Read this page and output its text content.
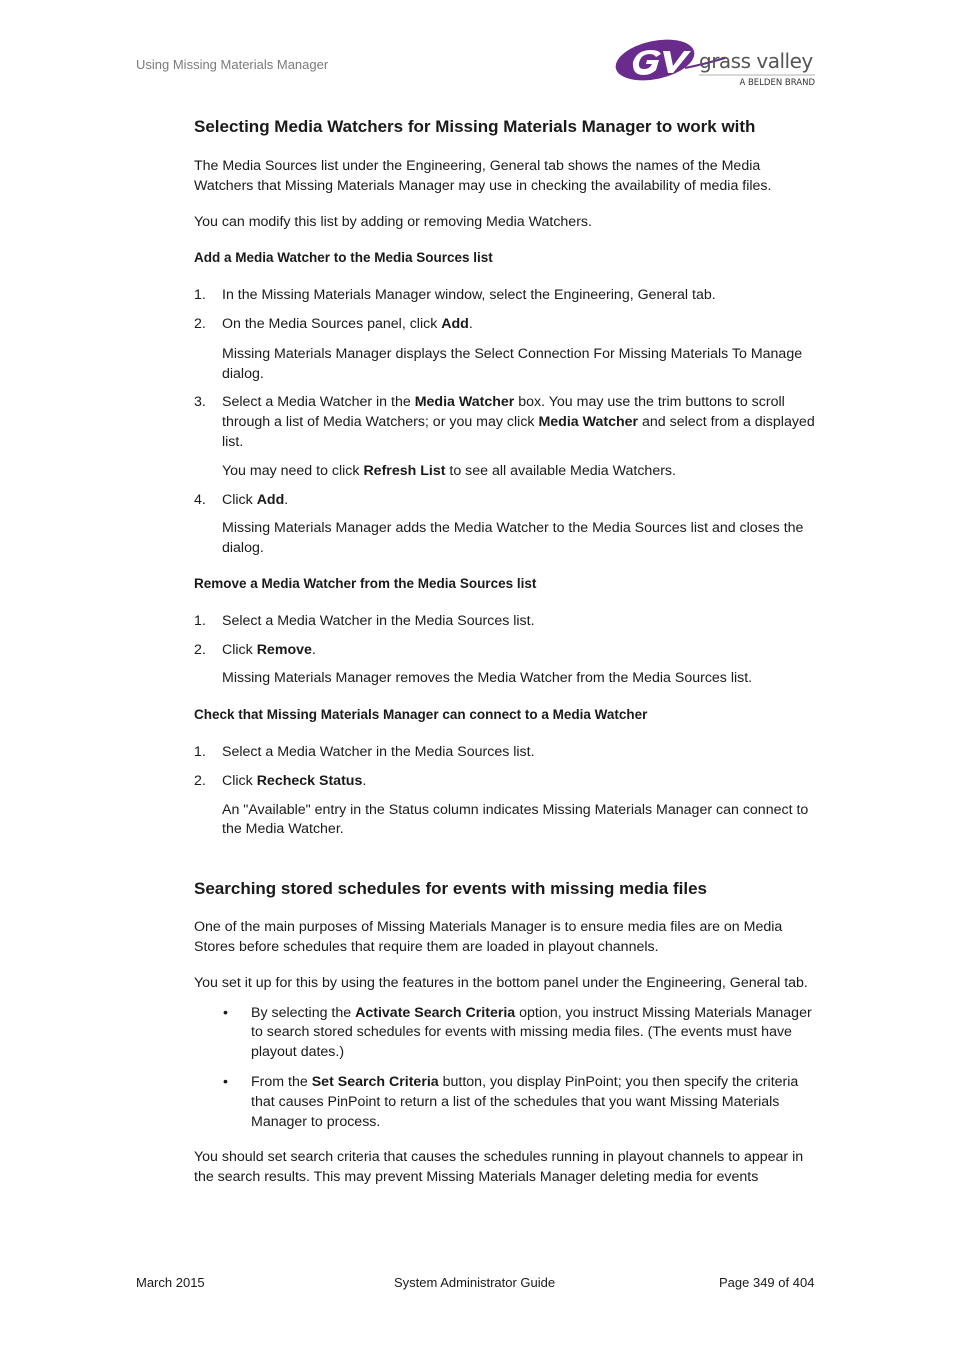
Using Missing Materials Manager	grass valley
A BELDEN BRAND

Selecting Media Watchers for Missing Materials Manager to work with

The Media Sources list under the Engineering, General tab shows the names of the Media Watchers that Missing Materials Manager may use in checking the availability of media files.

You can modify this list by adding or removing Media Watchers.

Add a Media Watcher to the Media Sources list

1. In the Missing Materials Manager window, select the Engineering, General tab.

2. On the Media Sources panel, click Add.

Missing Materials Manager displays the Select Connection For Missing Materials To Manage dialog.

3. Select a Media Watcher in the Media Watcher box. You may use the trim buttons to scroll through a list of Media Watchers; or you may click Media Watcher and select from a displayed list.

You may need to click Refresh List to see all available Media Watchers.

4. Click Add.

Missing Materials Manager adds the Media Watcher to the Media Sources list and closes the dialog.

Remove a Media Watcher from the Media Sources list

1. Select a Media Watcher in the Media Sources list.

2. Click Remove.

Missing Materials Manager removes the Media Watcher from the Media Sources list.

Check that Missing Materials Manager can connect to a Media Watcher

1. Select a Media Watcher in the Media Sources list.

2. Click Recheck Status.

An "Available" entry in the Status column indicates Missing Materials Manager can connect to the Media Watcher.

Searching stored schedules for events with missing media files

One of the main purposes of Missing Materials Manager is to ensure media files are on Media Stores before schedules that require them are loaded in playout channels.

You set it up for this by using the features in the bottom panel under the Engineering, General tab.

• By selecting the Activate Search Criteria option, you instruct Missing Materials Manager to search stored schedules for events with missing media files. (The events must have playout dates.)

• From the Set Search Criteria button, you display PinPoint; you then specify the criteria that causes PinPoint to return a list of the schedules that you want Missing Materials Manager to process.

You should set search criteria that causes the schedules running in playout channels to appear in the search results. This may prevent Missing Materials Manager deleting media for events

March 2015	System Administrator Guide	Page 349 of 404
